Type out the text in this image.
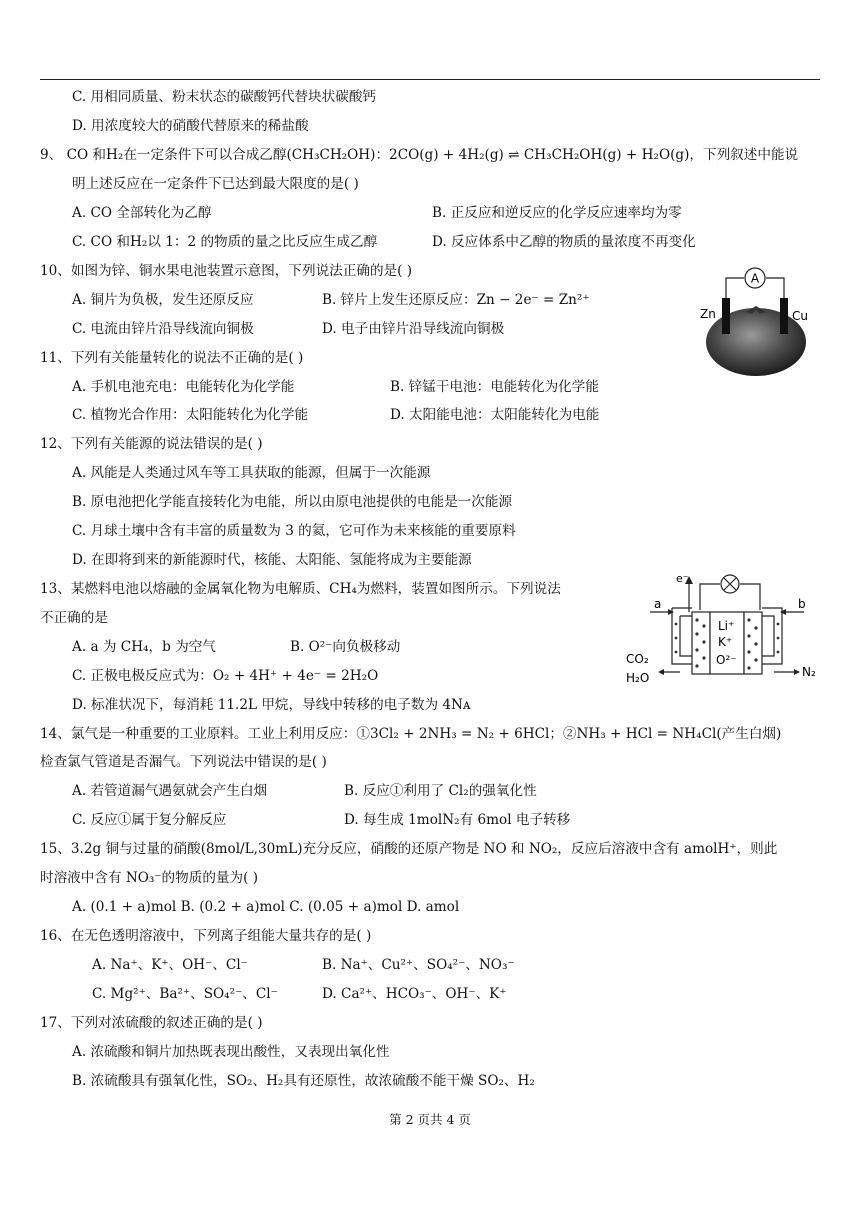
C. 用相同质量、粉末状态的碳酸钙代替块状碳酸钙
D. 用浓度较大的硝酸代替原来的稀盐酸
9、 CO 和H₂在一定条件下可以合成乙醇(CH₃CH₂OH)：2CO(g) + 4H₂(g) ⇌ CH₃CH₂OH(g) + H₂O(g)，下列叙述中能说
明上述反应在一定条件下已达到最大限度的是( )
A. CO 全部转化为乙醇
C. CO 和H₂以 1：2 的物质的量之比反应生成乙醇
10、如图为锌、铜水果电池装置示意图，下列说法正确的是( )
A. 铜片为负极，发生还原反应
C. 电流由锌片沿导线流向铜极
11、下列有关能量转化的说法不正确的是( )
A. 手机电池充电：电能转化为化学能
C. 植物光合作用：太阳能转化为化学能
12、下列有关能源的说法错误的是( )
A. 风能是人类通过风车等工具获取的能源，但属于一次能源
B. 原电池把化学能直接转化为电能，所以由原电池提供的电能是一次能源
C. 月球土壤中含有丰富的质量数为 3 的氦，它可作为未来核能的重要原料
D. 在即将到来的新能源时代，核能、太阳能、氢能将成为主要能源
13、某燃料电池以熔融的金属氧化物为电解质、CH₄为燃料，装置如图所示。下列说法
不正确的是
A. a 为 CH₄，b 为空气
C. 正极电极反应式为：O₂ + 4H⁺ + 4e⁻ = 2H₂O
D. 标准状况下，每消耗 11.2L 甲烷，导线中转移的电子数为 4Nᴀ
14、氯气是一种重要的工业原料。工业上利用反应：①3Cl₂ + 2NH₃ = N₂ + 6HCl；②NH₃ + HCl = NH₄Cl(产生白烟)
检查氯气管道是否漏气。下列说法中错误的是( )
A. 若管道漏气遇氨就会产生白烟
C. 反应①属于复分解反应
15、3.2g 铜与过量的硝酸(8mol/L,30mL)充分反应，硝酸的还原产物是 NO 和 NO₂，反应后溶液中含有 amolH⁺，则此
时溶液中含有 NO₃⁻的物质的量为( )
A. (0.1 + a)mol B. (0.2 + a)mol C. (0.05 + a)mol D. amol
16、在无色透明溶液中，下列离子组能大量共存的是( )
A. Na⁺、K⁺、OH⁻、Cl⁻
C. Mg²⁺、Ba²⁺、SO₄²⁻、Cl⁻
17、下列对浓硫酸的叙述正确的是( )
A. 浓硫酸和铜片加热既表现出酸性，又表现出氧化性
B. 浓硫酸具有强氧化性，SO₂、H₂具有还原性，故浓硫酸不能干燥 SO₂、H₂
B. 正反应和逆反应的化学反应速率均为零
D. 反应体系中乙醇的物质的量浓度不再变化
B. 锌片上发生还原反应：Zn − 2e⁻ = Zn²⁺
D. 电子由锌片沿导线流向铜极
B. 锌锰干电池：电能转化为化学能
D. 太阳能电池：太阳能转化为电能
B. O²⁻向负极移动
B. 反应①利用了 Cl₂的强氧化性
D. 每生成 1molN₂有 6mol 电子转移
B. Na⁺、Cu²⁺、SO₄²⁻、NO₃⁻
D. Ca²⁺、HCO₃⁻、OH⁻、K⁺
A
Zn	Cu
e⁻
a	b
CO₂
H₂O	N₂
Li⁺
K⁺
O²⁻
第 2 页共 4 页
